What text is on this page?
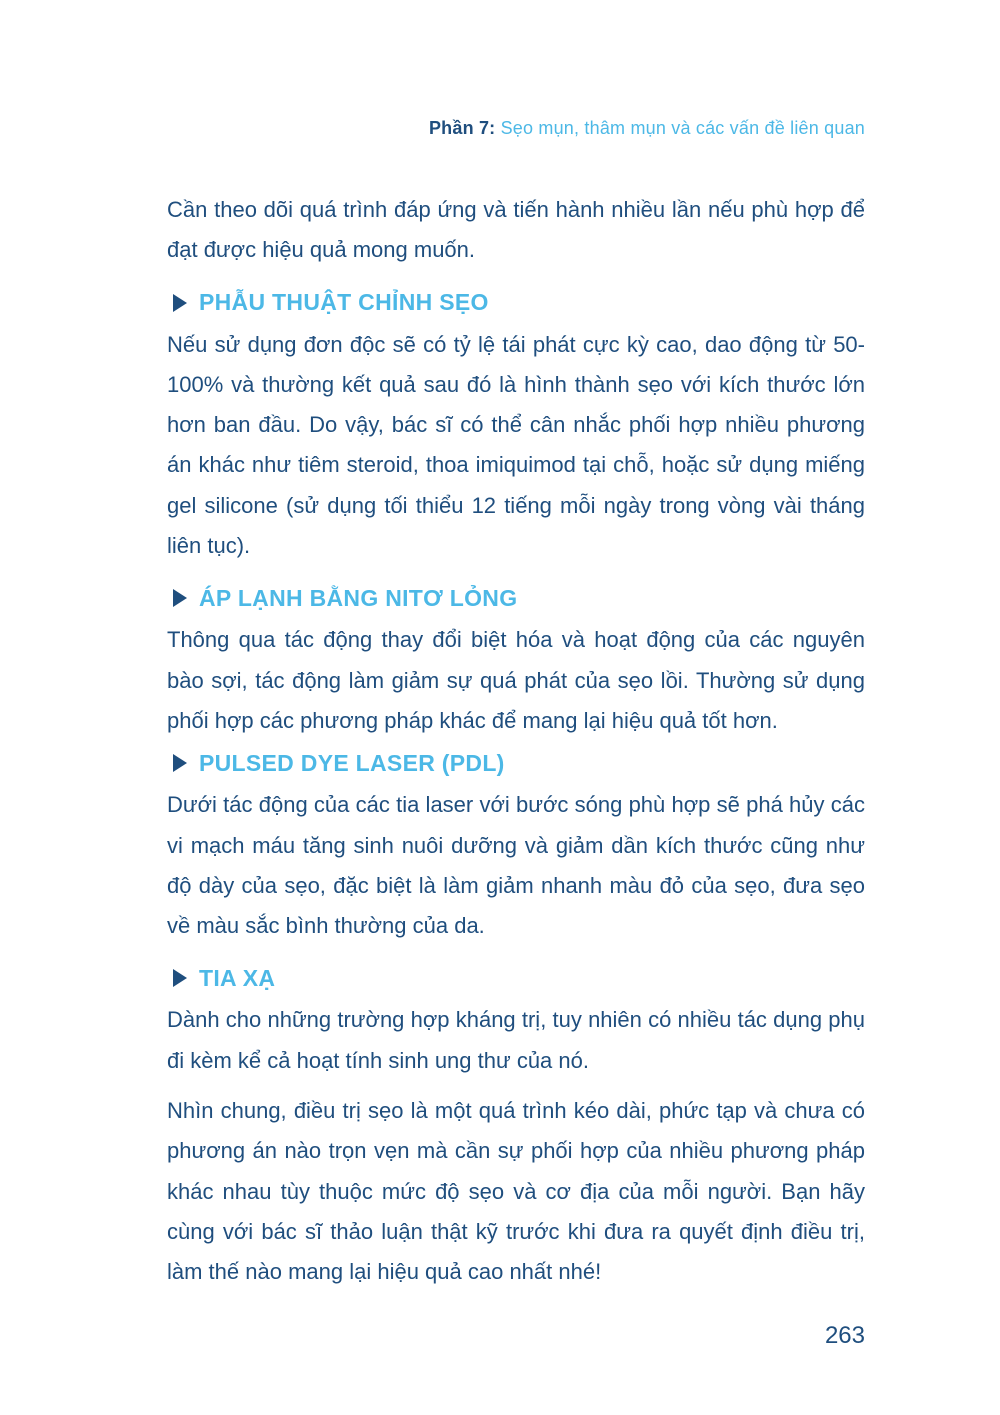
Phần 7: Sẹo mụn, thâm mụn và các vấn đề liên quan

Cần theo dõi quá trình đáp ứng và tiến hành nhiều lần nếu phù hợp để đạt được hiệu quả mong muốn.

PHẪU THUẬT CHỈNH SẸO

Nếu sử dụng đơn độc sẽ có tỷ lệ tái phát cực kỳ cao, dao động từ 50-100% và thường kết quả sau đó là hình thành sẹo với kích thước lớn hơn ban đầu. Do vậy, bác sĩ có thể cân nhắc phối hợp nhiều phương án khác như tiêm steroid, thoa imiquimod tại chỗ, hoặc sử dụng miếng gel silicone (sử dụng tối thiểu 12 tiếng mỗi ngày trong vòng vài tháng liên tục).

ÁP LẠNH BẰNG NITƠ LỎNG

Thông qua tác động thay đổi biệt hóa và hoạt động của các nguyên bào sợi, tác động làm giảm sự quá phát của sẹo lồi. Thường sử dụng phối hợp các phương pháp khác để mang lại hiệu quả tốt hơn.

PULSED DYE LASER (PDL)

Dưới tác động của các tia laser với bước sóng phù hợp sẽ phá hủy các vi mạch máu tăng sinh nuôi dưỡng và giảm dần kích thước cũng như độ dày của sẹo, đặc biệt là làm giảm nhanh màu đỏ của sẹo, đưa sẹo về màu sắc bình thường của da.

TIA XẠ

Dành cho những trường hợp kháng trị, tuy nhiên có nhiều tác dụng phụ đi kèm kể cả hoạt tính sinh ung thư của nó.

Nhìn chung, điều trị sẹo là một quá trình kéo dài, phức tạp và chưa có phương án nào trọn vẹn mà cần sự phối hợp của nhiều phương pháp khác nhau tùy thuộc mức độ sẹo và cơ địa của mỗi người. Bạn hãy cùng với bác sĩ thảo luận thật kỹ trước khi đưa ra quyết định điều trị, làm thế nào mang lại hiệu quả cao nhất nhé!

263
